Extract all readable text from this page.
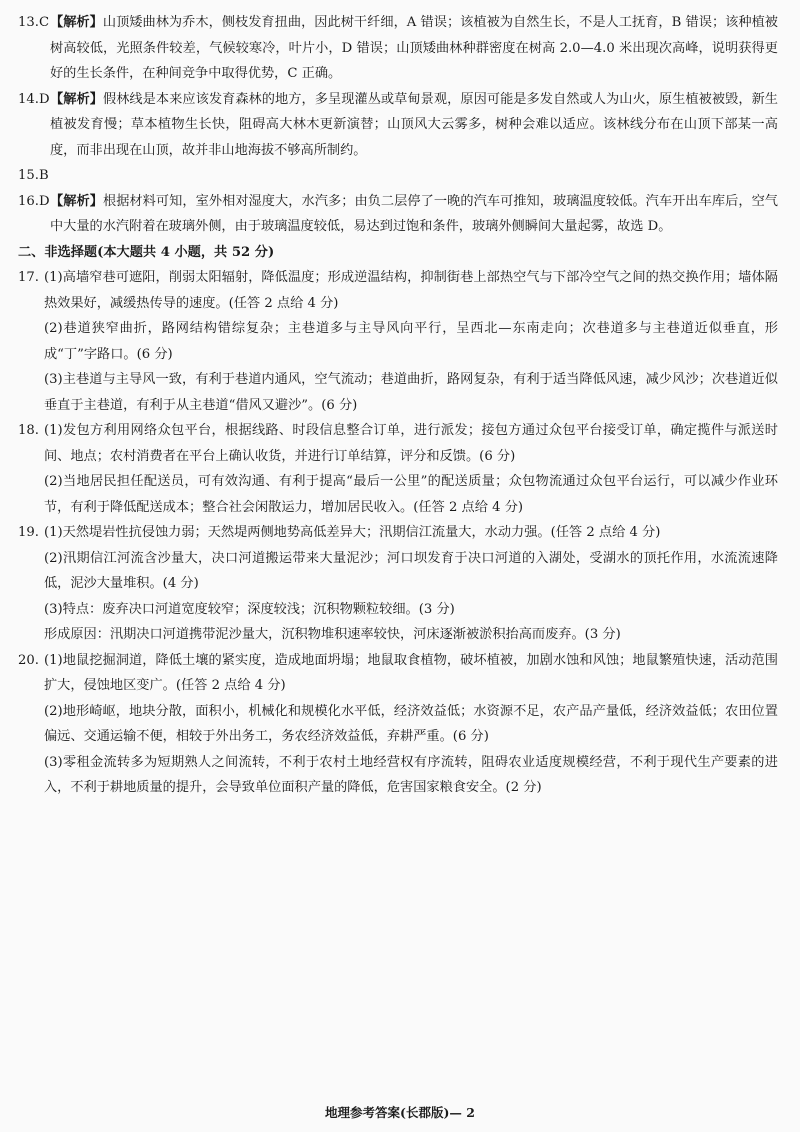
13.C 【解析】山顶矮曲林为乔木，侧枝发育扭曲，因此树干纤细，A 错误；该植被为自然生长，不是人工抚育，B 错误；该种植被树高较低，光照条件较差，气候较寒冷，叶片小，D 错误；山顶矮曲林种群密度在树高 2.0—4.0 米出现次高峰，说明获得更好的生长条件，在种间竞争中取得优势，C 正确。
14.D 【解析】假林线是本来应该发育森林的地方，多呈现灌丛或草甸景观，原因可能是多发自然或人为山火，原生植被被毁，新生植被发育慢；草本植物生长快，阻碍高大林木更新演替；山顶风大云雾多，树种会难以适应。该林线分布在山顶下部某一高度，而非出现在山顶，故并非山地海拔不够高所制约。
15.B
16.D 【解析】根据材料可知，室外相对湿度大，水汽多；由负二层停了一晚的汽车可推知，玻璃温度较低。汽车开出车库后，空气中大量的水汽附着在玻璃外侧，由于玻璃温度较低，易达到过饱和条件，玻璃外侧瞬间大量起雾，故选 D。

二、非选择题(本大题共 4 小题，共 52 分)

17. (1)高墙窄巷可遮阳，削弱太阳辐射，降低温度；形成逆温结构，抑制街巷上部热空气与下部冷空气之间的热交换作用；墙体隔热效果好，减缓热传导的速度。(任答 2 点给 4 分)

(2)巷道狭窄曲折，路网结构错综复杂；主巷道多与主导风向平行，呈西北—东南走向；次巷道多与主巷道近似垂直，形成“丁”字路口。(6 分)

(3)主巷道与主导风一致，有利于巷道内通风，空气流动；巷道曲折，路网复杂，有利于适当降低风速，减少风沙；次巷道近似垂直于主巷道，有利于从主巷道“借风又避沙”。(6 分)

18. (1)发包方利用网络众包平台，根据线路、时段信息整合订单，进行派发；接包方通过众包平台接受订单，确定揽件与派送时间、地点；农村消费者在平台上确认收货，并进行订单结算，评分和反馈。(6 分)

(2)当地居民担任配送员，可有效沟通、有利于提高“最后一公里”的配送质量；众包物流通过众包平台运行，可以减少作业环节，有利于降低配送成本；整合社会闲散运力，增加居民收入。(任答 2 点给 4 分)

19. (1)天然堤岩性抗侵蚀力弱；天然堤两侧地势高低差异大；汛期信江流量大，水动力强。(任答 2 点给 4 分)

(2)汛期信江河流含沙量大，决口河道搬运带来大量泥沙；河口坝发育于决口河道的入湖处，受湖水的顶托作用，水流流速降低，泥沙大量堆积。(4 分)

(3)特点：废弃决口河道宽度较窄；深度较浅；沉积物颗粒较细。(3 分)

形成原因：汛期决口河道携带泥沙量大，沉积物堆积速率较快，河床逐渐被淤积抬高而废弃。(3 分)

20. (1)地鼠挖掘洞道，降低土壤的紧实度，造成地面坍塌；地鼠取食植物，破坏植被，加剧水蚀和风蚀；地鼠繁殖快速，活动范围扩大，侵蚀地区变广。(任答 2 点给 4 分)

(2)地形崎岖，地块分散，面积小，机械化和规模化水平低，经济效益低；水资源不足，农产品产量低，经济效益低；农田位置偏远、交通运输不便，相较于外出务工，务农经济效益低，弃耕严重。(6 分)

(3)零租金流转多为短期熟人之间流转，不利于农村土地经营权有序流转，阻碍农业适度规模经营，不利于现代生产要素的进入，不利于耕地质量的提升，会导致单位面积产量的降低，危害国家粮食安全。(2 分)

地理参考答案(长郡版)— 2
